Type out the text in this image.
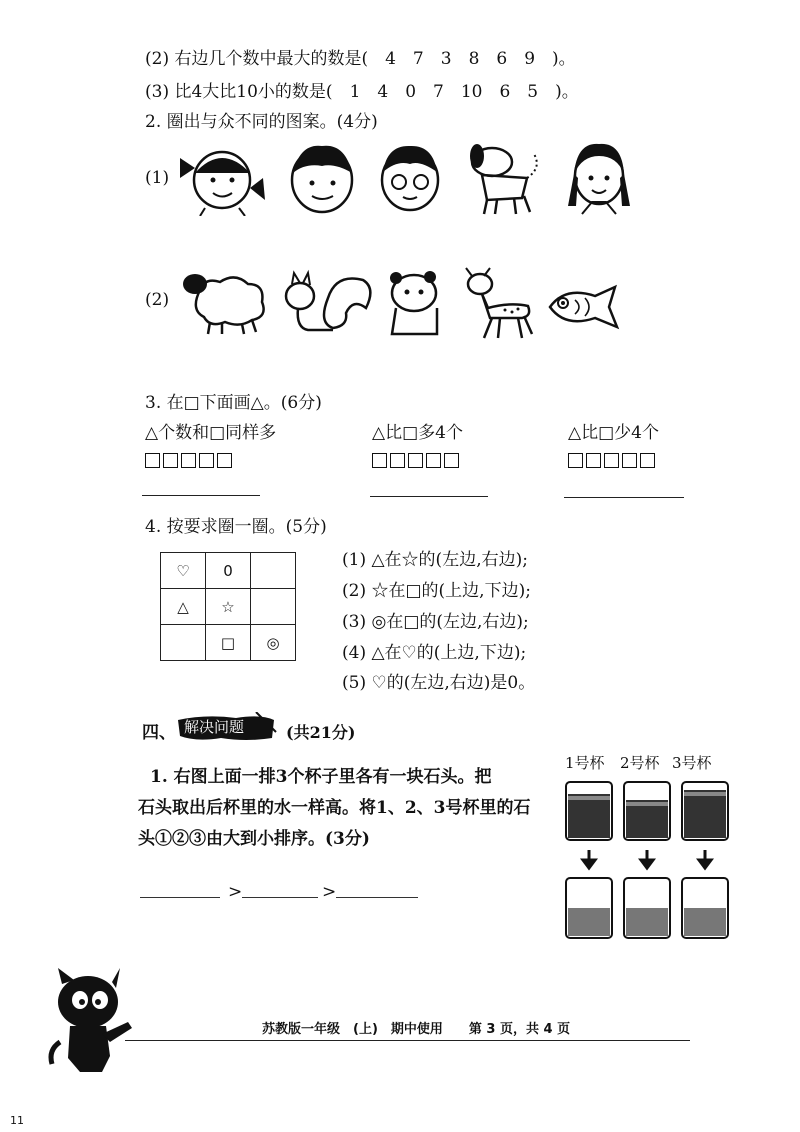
(2) 右边几个数中最大的数是(　4　7　3　8　6　9　)。
(3) 比4大比10小的数是(　1　4　0　7　10　6　5　)。
2. 圈出与众不同的图案。(4分)
(1)
(2)
3. 在□下面画△。(6分)
△个数和□同样多	△比□多4个	△比□少4个
4. 按要求圈一圈。(5分)
♡	0	
△	☆	
	□	◎
(1) △在☆的(左边,右边);
(2) ☆在□的(上边,下边);
(3) ◎在□的(左边,右边);
(4) △在♡的(上边,下边);
(5) ♡的(左边,右边)是0。
四、 解决问题	(共21分)
1. 右图上面一排3个杯子里各有一块石头。把
石头取出后杯里的水一样高。将1、2、3号杯里的石
头①②③由大到小排序。(3分)
>	>
1号杯 2号杯 3号杯
苏教版一年级　(上)　期中使用　　第 3 页，共 4 页
11
